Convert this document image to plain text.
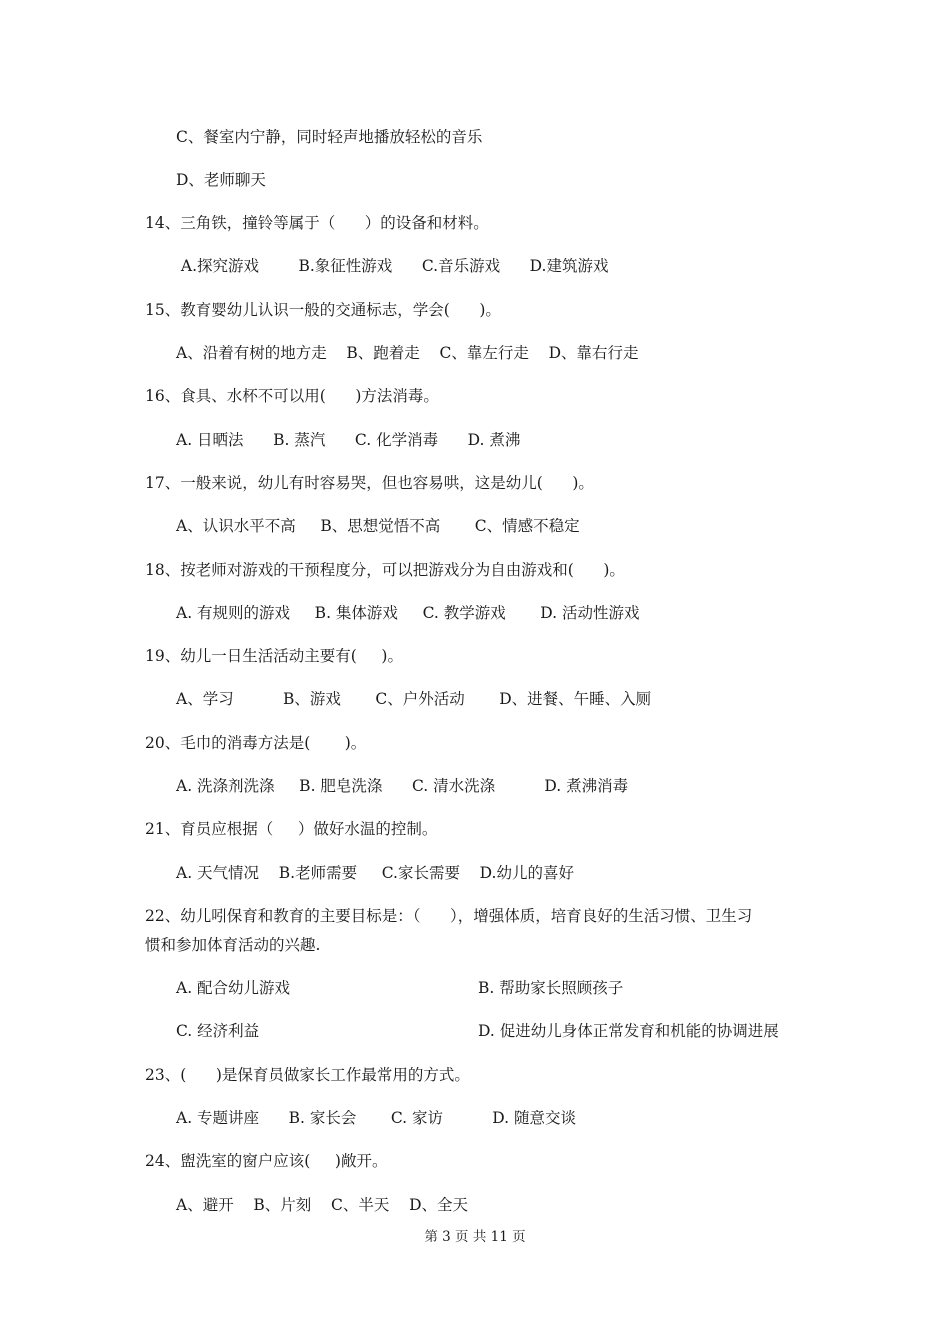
C、餐室内宁静，同时轻声地播放轻松的音乐
D、老师聊天
14、三角铁，撞铃等属于（      ）的设备和材料。
A.探究游戏        B.象征性游戏      C.音乐游戏      D.建筑游戏
15、教育婴幼儿认识一般的交通标志，学会(      )。
A、沿着有树的地方走    B、跑着走    C、靠左行走    D、靠右行走
16、食具、水杯不可以用(      )方法消毒。
A. 日晒法      B. 蒸汽      C. 化学消毒      D. 煮沸
17、一般来说，幼儿有时容易哭，但也容易哄，这是幼儿(      )。
A、认识水平不高     B、思想觉悟不高       C、情感不稳定
18、按老师对游戏的干预程度分，可以把游戏分为自由游戏和(      )。
A. 有规则的游戏     B. 集体游戏     C. 教学游戏       D. 活动性游戏
19、幼儿一日生活活动主要有(     )。
A、学习          B、游戏       C、户外活动       D、进餐、午睡、入厕
20、毛巾的消毒方法是(       )。
A. 洗涤剂洗涤     B. 肥皂洗涤      C. 清水洗涤          D. 煮沸消毒
21、育员应根据（     ）做好水温的控制。
A. 天气情况    B.老师需要     C.家长需要    D.幼儿的喜好
22、幼儿吲保育和教育的主要目标是：（      ），增强体质，培育良好的生活习惯、卫生习
惯和参加体育活动的兴趣.
A. 配合幼儿游戏	B. 帮助家长照顾孩子
C. 经济利益	D. 促进幼儿身体正常发育和机能的协调进展
23、(      )是保育员做家长工作最常用的方式。
A. 专题讲座      B. 家长会       C. 家访          D. 随意交谈
24、盥洗室的窗户应该(     )敞开。
A、避开    B、片刻    C、半天    D、全天
第 3 页 共 11 页
